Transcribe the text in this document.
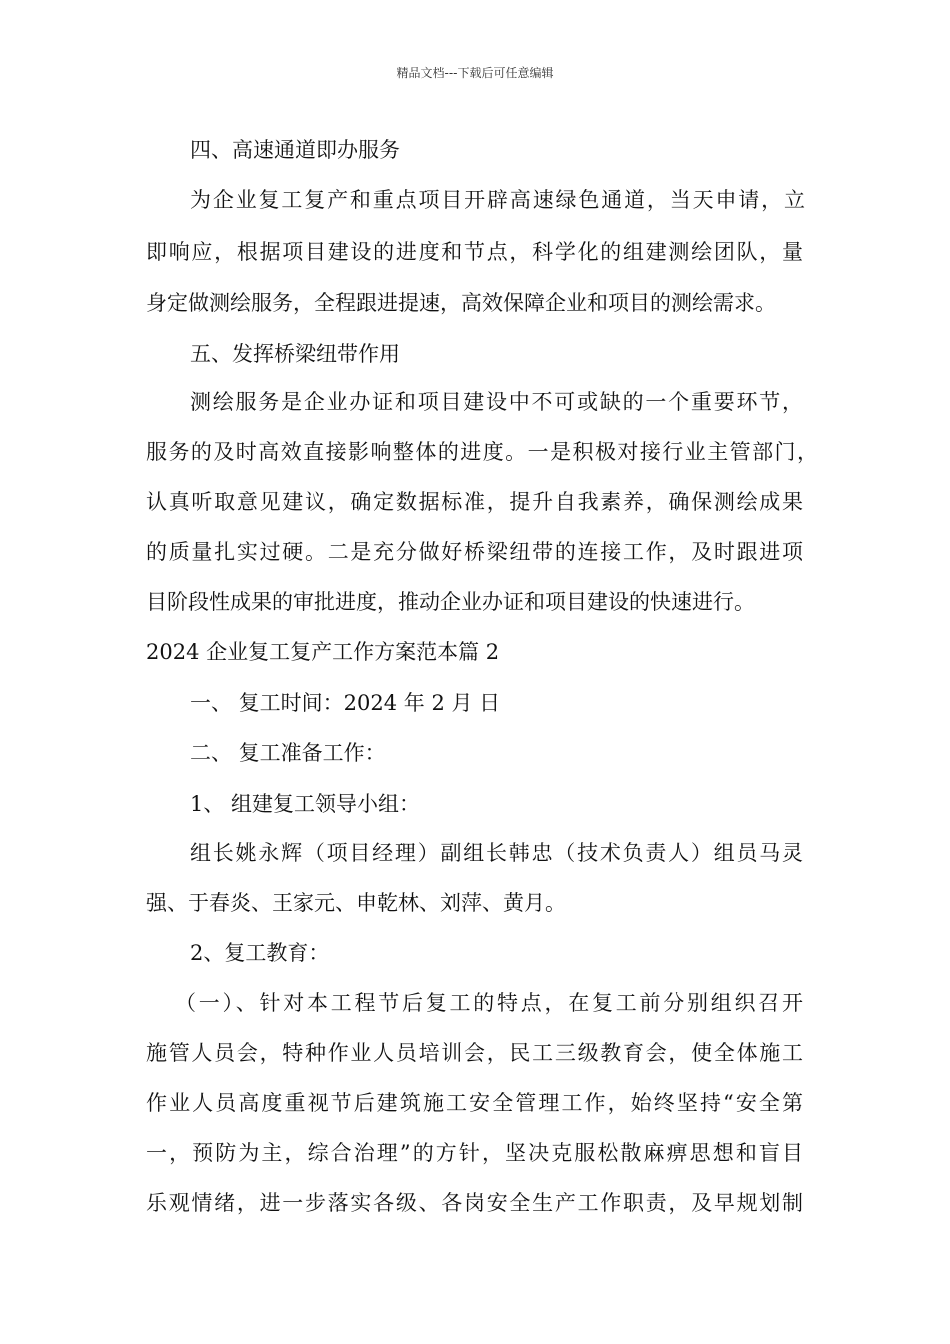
精品文档---下载后可任意编辑
四、高速通道即办服务
为企业复工复产和重点项目开辟高速绿色通道，当天申请，立
即响应，根据项目建设的进度和节点，科学化的组建测绘团队，量
身定做测绘服务，全程跟进提速，高效保障企业和项目的测绘需求。
五、发挥桥梁纽带作用
测绘服务是企业办证和项目建设中不可或缺的一个重要环节，
服务的及时高效直接影响整体的进度。一是积极对接行业主管部门，
认真听取意见建议，确定数据标准，提升自我素养，确保测绘成果
的质量扎实过硬。二是充分做好桥梁纽带的连接工作，及时跟进项
目阶段性成果的审批进度，推动企业办证和项目建设的快速进行。
2024 企业复工复产工作方案范本篇 2
一、 复工时间：2024 年 2 月 日
二、 复工准备工作：
1、 组建复工领导小组：
组长姚永辉（项目经理）副组长韩忠（技术负责人）组员马灵
强、于春炎、王家元、申乾林、刘萍、黄月。
2、复工教育：
（一）、针对本工程节后复工的特点，在复工前分别组织召开
施管人员会，特种作业人员培训会，民工三级教育会，使全体施工
作业人员高度重视节后建筑施工安全管理工作，始终坚持“安全第
一，预防为主，综合治理”的方针，坚决克服松散麻痹思想和盲目
乐观情绪，进一步落实各级、各岗安全生产工作职责，及早规划制
